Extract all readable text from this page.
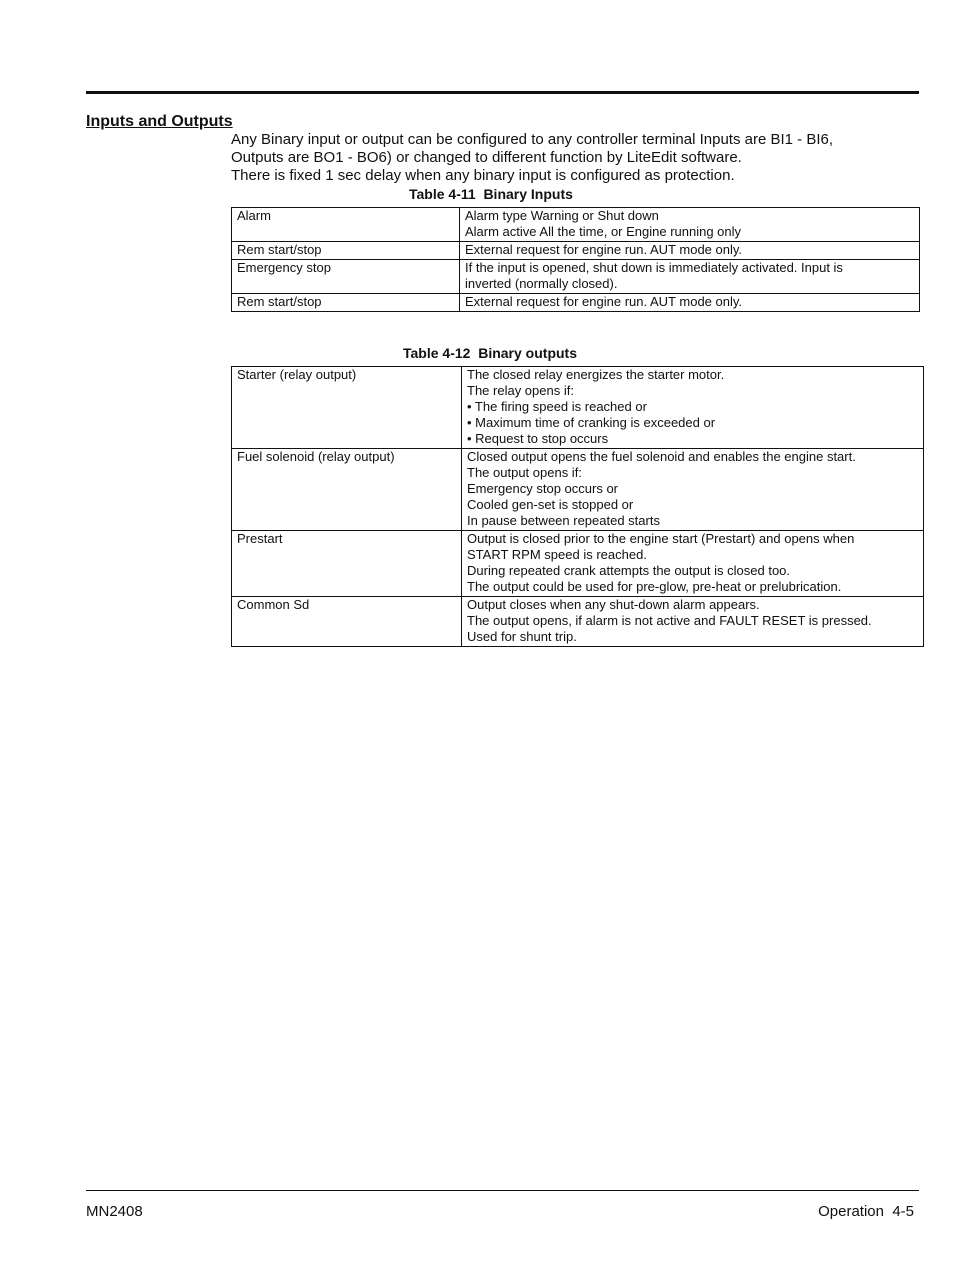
Inputs and Outputs
Any Binary input or output can be configured to any controller terminal Inputs are BI1 - BI6,
Outputs are BO1 - BO6) or changed to different function by LiteEdit software.
There is fixed 1 sec delay when any binary input is configured as protection.
Table 4-11  Binary Inputs
Alarm	Alarm type Warning or Shut down
Alarm active All the time, or Engine running only

Rem start/stop	External request for engine run. AUT mode only.

Emergency stop	If the input is opened, shut down is immediately activated. Input is
inverted (normally closed).

Rem start/stop	External request for engine run. AUT mode only.
Table 4-12  Binary outputs
Starter (relay output)	The closed relay energizes the starter motor.
The relay opens if:
• The firing speed is reached or
• Maximum time of cranking is exceeded or
• Request to stop occurs

Fuel solenoid (relay output)	Closed output opens the fuel solenoid and enables the engine start.
The output opens if:
Emergency stop occurs or
Cooled gen-set is stopped or
In pause between repeated starts

Prestart	Output is closed prior to the engine start (Prestart) and opens when
START RPM speed is reached.
During repeated crank attempts the output is closed too.
The output could be used for pre-glow, pre-heat or prelubrication.

Common Sd	Output closes when any shut-down alarm appears.
The output opens, if alarm is not active and FAULT RESET is pressed.
Used for shunt trip.
MN2408	Operation  4-5
